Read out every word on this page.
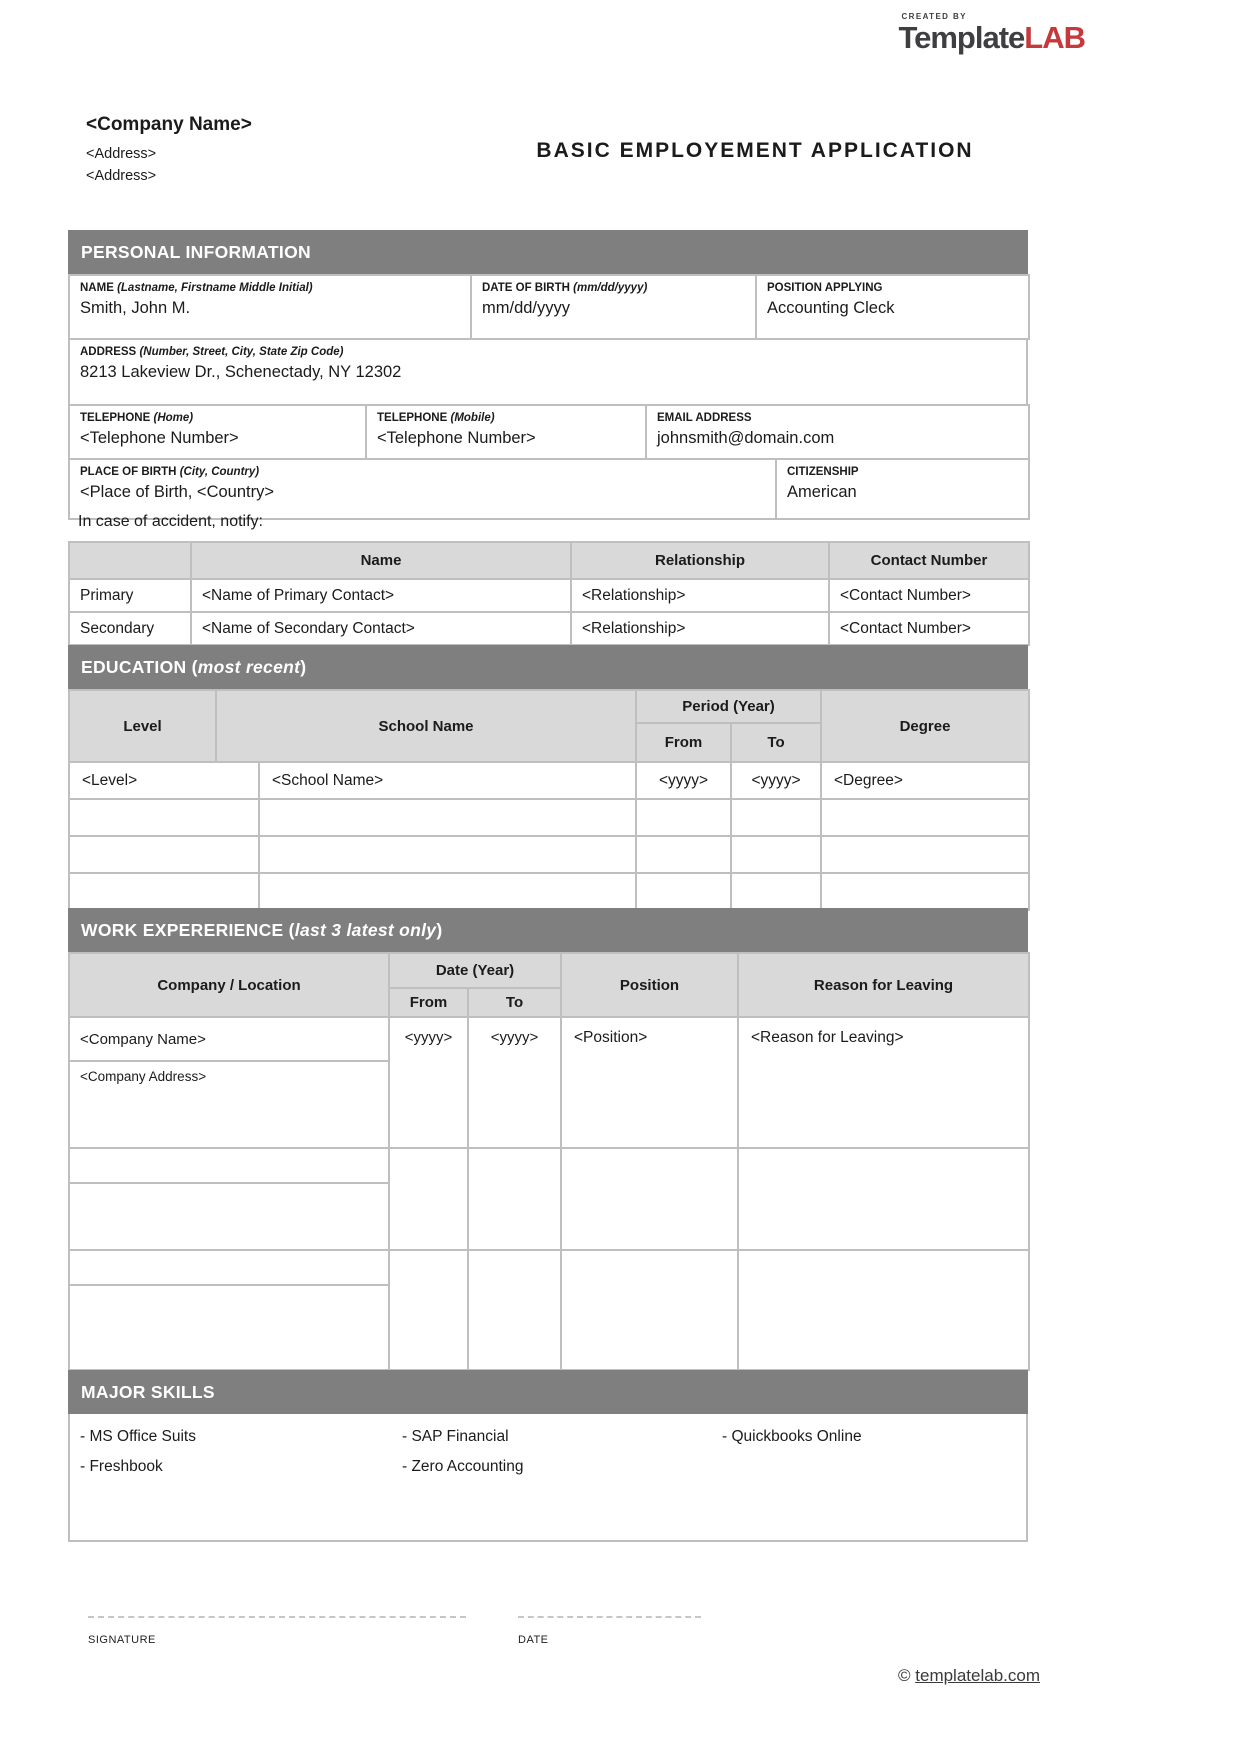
CREATED BY
TemplateLAB
<Company Name>
<Address>
<Address>
BASIC EMPLOYEMENT APPLICATION
PERSONAL INFORMATION
NAME (Lastname, Firstname Middle Initial)
Smith, John M.

DATE OF BIRTH (mm/dd/yyyy)
mm/dd/yyyy

POSITION APPLYING
Accounting Cleck
ADDRESS (Number, Street, City, State Zip Code)
8213 Lakeview Dr., Schenectady, NY 12302
TELEPHONE (Home)
<Telephone Number>

TELEPHONE (Mobile)
<Telephone Number>

EMAIL ADDRESS
johnsmith@domain.com
PLACE OF BIRTH (City, Country)
<Place of Birth, <Country>

CITIZENSHIP
American
In case of accident, notify:
	Name	Relationship	Contact Number
Primary	<Name of Primary Contact>	<Relationship>	<Contact Number>
Secondary	<Name of Secondary Contact>	<Relationship>	<Contact Number>
EDUCATION (most recent)
Level	School Name	Period (Year)		Degree
		From	To	
<Level>	<School Name>	<yyyy>	<yyyy>	<Degree>

WORK EXPERERIENCE (last 3 latest only)
Company / Location	Date (Year)		Position	Reason for Leaving
	From	To		
<Company Name>	<yyyy>	<yyyy>	<Position>	<Reason for Leaving>
<Company Address>				

MAJOR SKILLS
- MS Office Suits	- SAP Financial	- Quickbooks Online
- Freshbook	- Zero Accounting
SIGNATURE	DATE
© templatelab.com
